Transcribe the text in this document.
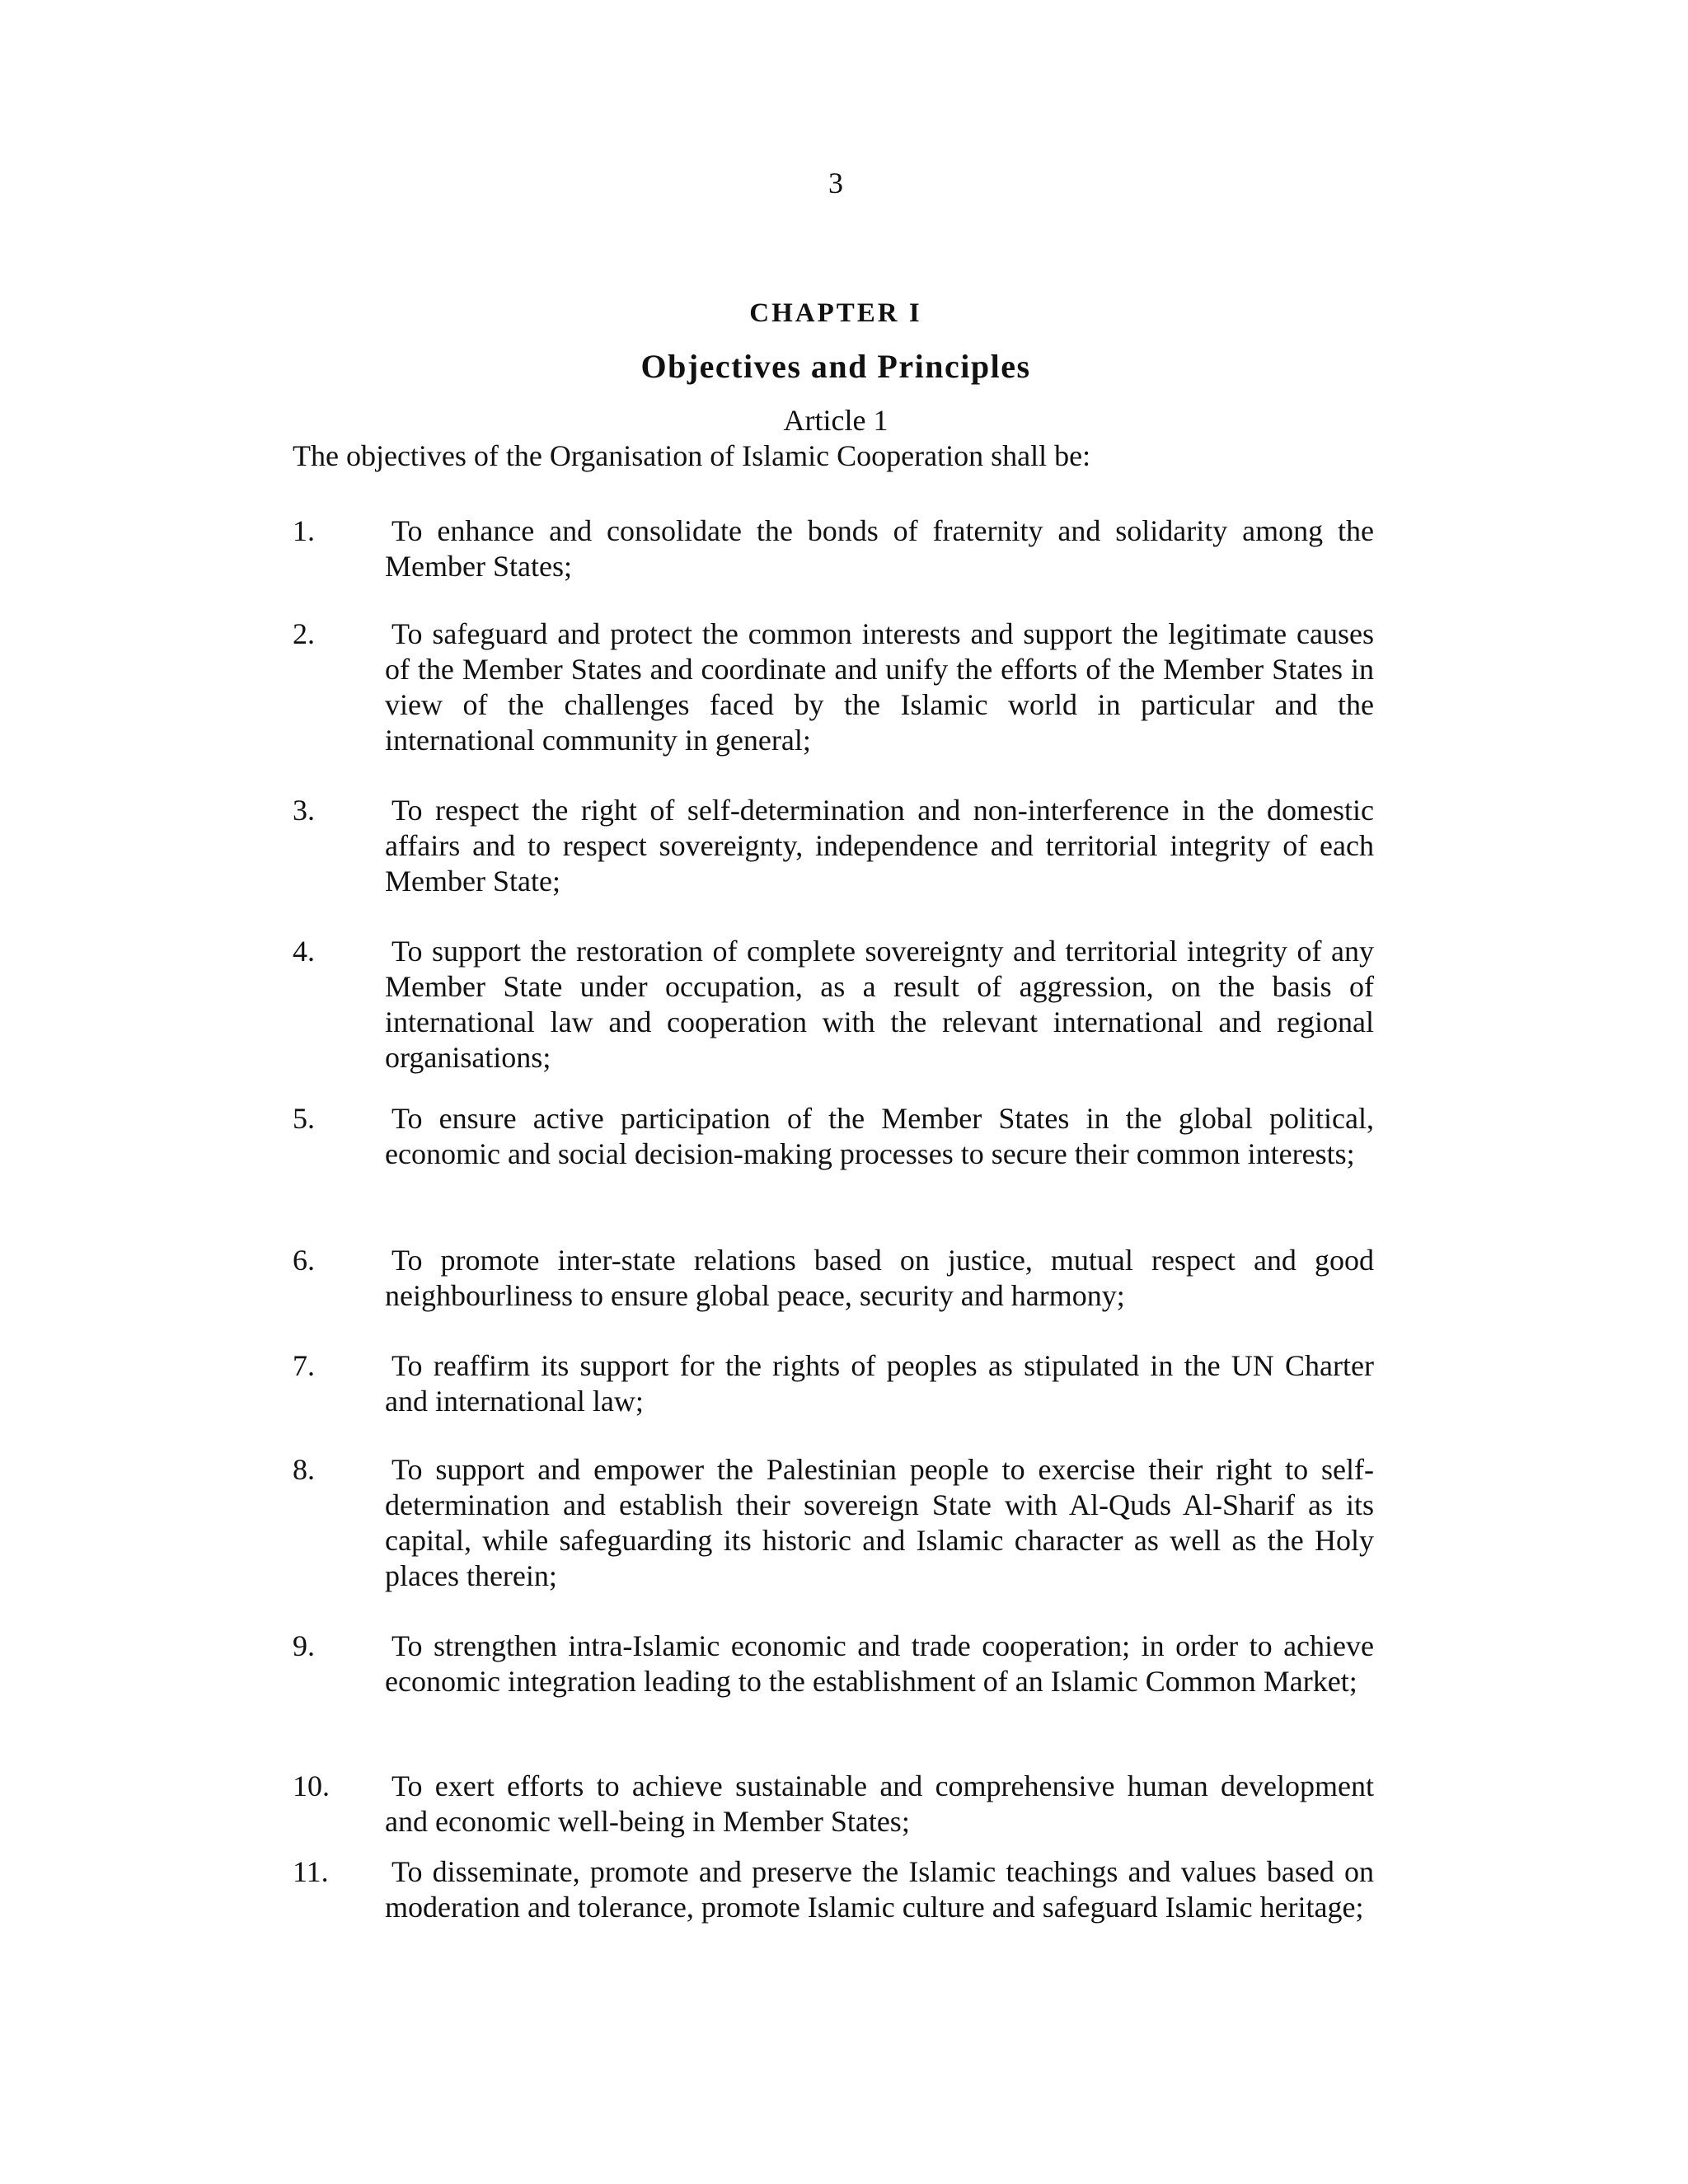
3
CHAPTER I
Objectives and Principles
Article 1
The objectives of the Organisation of Islamic Cooperation shall be:
1.	To enhance and consolidate the bonds of fraternity and solidarity among the Member States;
2.	To safeguard and protect the common interests and support the legitimate causes of the Member States and coordinate and unify the efforts of the Member States in view of the challenges faced by the Islamic world in particular and the international community in general;
3.	To respect the right of self-determination and non-interference in the domestic affairs and to respect sovereignty, independence and territorial integrity of each Member State;
4.	To support the restoration of complete sovereignty and territorial integrity of any Member State under occupation, as a result of aggression, on the basis of international law and cooperation with the relevant international and regional organisations;
5.	To ensure active participation of the Member States in the global political, economic and social decision-making processes to secure their common interests;
6.	To promote inter-state relations based on justice, mutual respect and good neighbourliness to ensure global peace, security and harmony;
7.	To reaffirm its support for the rights of peoples as stipulated in the UN Charter and international law;
8.	To support and empower the Palestinian people to exercise their right to self-determination and establish their sovereign State with Al-Quds Al-Sharif as its capital, while safeguarding its historic and Islamic character as well as the Holy places therein;
9.	To strengthen intra-Islamic economic and trade cooperation; in order to achieve economic integration leading to the establishment of an Islamic Common Market;
10.	To exert efforts to achieve sustainable and comprehensive human development and economic well-being in Member States;
11.	To disseminate, promote and preserve the Islamic teachings and values based on moderation and tolerance, promote Islamic culture and safeguard Islamic heritage;
